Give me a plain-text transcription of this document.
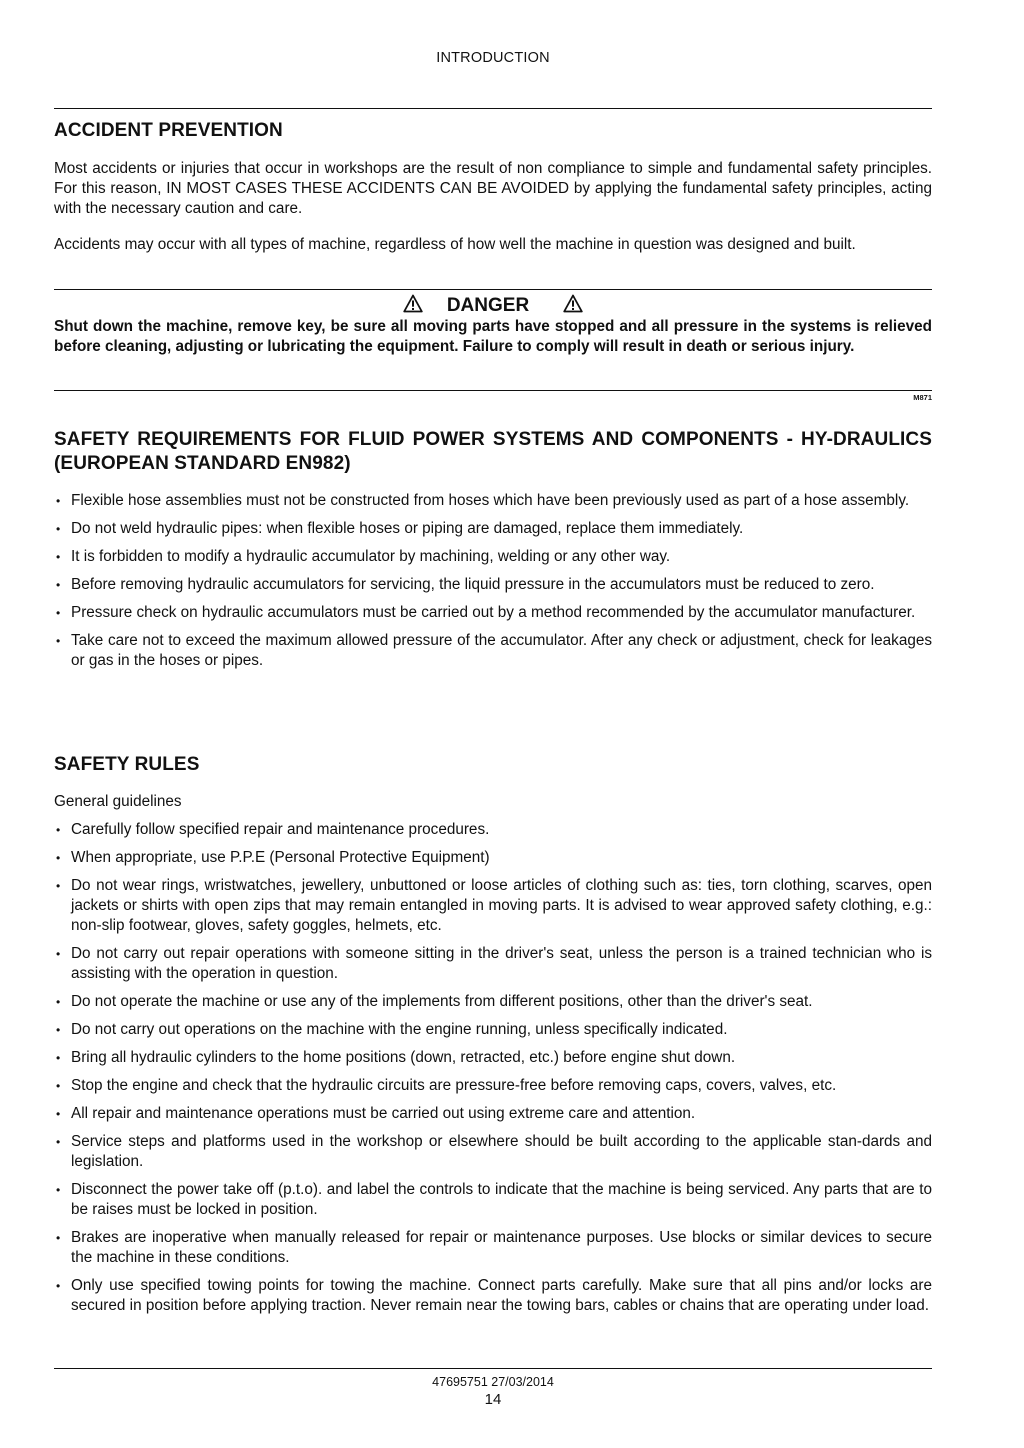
INTRODUCTION
ACCIDENT PREVENTION
Most accidents or injuries that occur in workshops are the result of non compliance to simple and fundamental safety principles. For this reason, IN MOST CASES THESE ACCIDENTS CAN BE AVOIDED by applying the fundamental safety principles, acting with the necessary caution and care.
Accidents may occur with all types of machine, regardless of how well the machine in question was designed and built.
DANGER
Shut down the machine, remove key, be sure all moving parts have stopped and all pressure in the systems is relieved before cleaning, adjusting or lubricating the equipment. Failure to comply will result in death or serious injury.
M871
SAFETY REQUIREMENTS FOR FLUID POWER SYSTEMS AND COMPONENTS - HY-DRAULICS (EUROPEAN STANDARD EN982)
• Flexible hose assemblies must not be constructed from hoses which have been previously used as part of a hose assembly.
• Do not weld hydraulic pipes: when flexible hoses or piping are damaged, replace them immediately.
• It is forbidden to modify a hydraulic accumulator by machining, welding or any other way.
• Before removing hydraulic accumulators for servicing, the liquid pressure in the accumulators must be reduced to zero.
• Pressure check on hydraulic accumulators must be carried out by a method recommended by the accumulator manufacturer.
• Take care not to exceed the maximum allowed pressure of the accumulator. After any check or adjustment, check for leakages or gas in the hoses or pipes.
SAFETY RULES
General guidelines
• Carefully follow specified repair and maintenance procedures.
• When appropriate, use P.P.E (Personal Protective Equipment)
• Do not wear rings, wristwatches, jewellery, unbuttoned or loose articles of clothing such as: ties, torn clothing, scarves, open jackets or shirts with open zips that may remain entangled in moving parts. It is advised to wear approved safety clothing, e.g.: non-slip footwear, gloves, safety goggles, helmets, etc.
• Do not carry out repair operations with someone sitting in the driver's seat, unless the person is a trained technician who is assisting with the operation in question.
• Do not operate the machine or use any of the implements from different positions, other than the driver's seat.
• Do not carry out operations on the machine with the engine running, unless specifically indicated.
• Bring all hydraulic cylinders to the home positions (down, retracted, etc.) before engine shut down.
• Stop the engine and check that the hydraulic circuits are pressure-free before removing caps, covers, valves, etc.
• All repair and maintenance operations must be carried out using extreme care and attention.
• Service steps and platforms used in the workshop or elsewhere should be built according to the applicable stan-dards and legislation.
• Disconnect the power take off (p.t.o). and label the controls to indicate that the machine is being serviced. Any parts that are to be raises must be locked in position.
• Brakes are inoperative when manually released for repair or maintenance purposes. Use blocks or similar devices to secure the machine in these conditions.
• Only use specified towing points for towing the machine. Connect parts carefully. Make sure that all pins and/or locks are secured in position before applying traction. Never remain near the towing bars, cables or chains that are operating under load.
47695751 27/03/2014
14
